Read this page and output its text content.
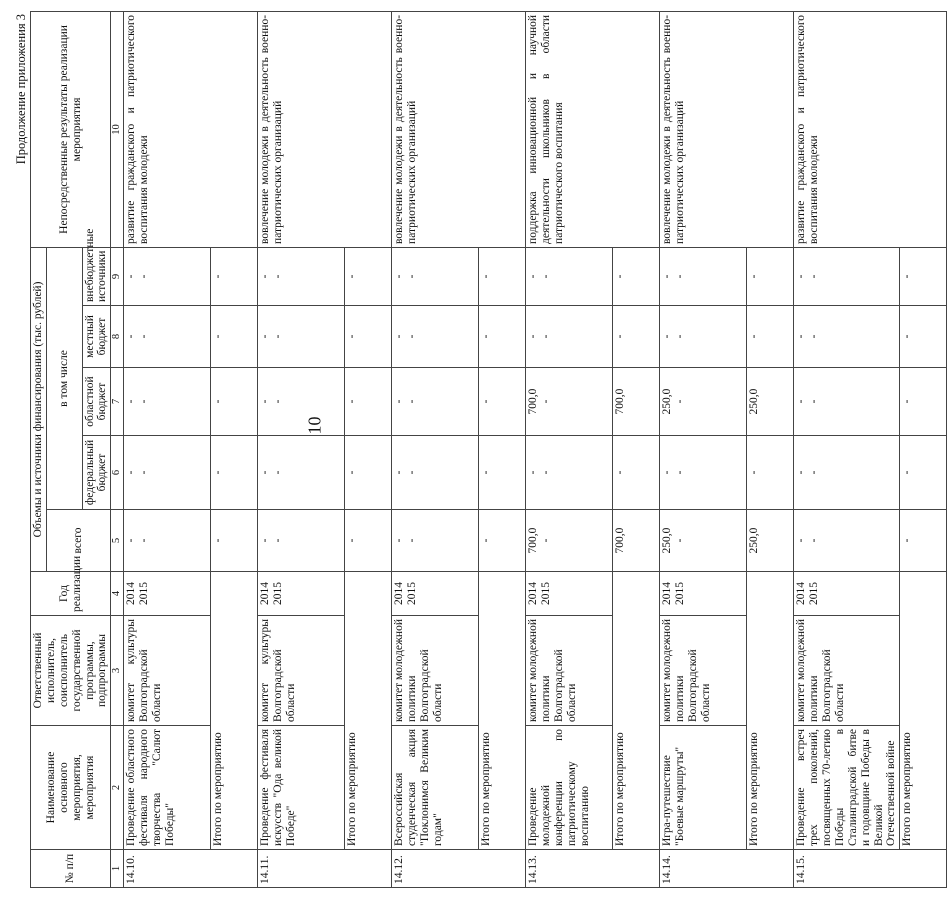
10
Продолжение приложения 3
№ п/п	Наименование основного мероприятия, мероприятия	Ответственный исполнитель, соисполнитель государственной программы, подпрограммы	Год реализации	Объемы и источники финансирования (тыс. рублей)					Непосредственные результаты реализации мероприятия
				всего	в том числе				
					федеральный бюджет	областной бюджет	местный бюджет	внебюджетные источники	
1	2	3	4	5	6	7	8	9	10
14.10.	Проведение областного фестиваля народного творчества "Салют Победы"	комитет культуры Волгоградской области	2014 2015	- -	- -	- -	- -	- -	развитие гражданского и патриотического воспитания молодежи
	Итого по мероприятию			-	-	-	-	-	
14.11.	Проведение фестиваля искусств "Ода великой Победе"	комитет культуры Волгоградской области	2014 2015	- -	- -	- -	- -	- -	вовлечение молодежи в деятельность военно-патриотических организаций
	Итого по мероприятию			-	-	-	-	-	
14.12.	Всероссийская студенческая акция "Поклонимся Великим годам"	комитет молодежной политики Волгоградской области	2014 2015	- -	- -	- -	- -	- -	вовлечение молодежи в деятельность военно-патриотических организаций
	Итого по мероприятию			-	-	-	-	-	
14.13.	Проведение молодежной конференции по патриотическому воспитанию	комитет молодежной политики Волгоградской области	2014 2015	700,0 -	- -	700,0 -	- -	- -	поддержка инновационной и научной деятельности школьников в области патриотического воспитания
	Итого по мероприятию			700,0	-	700,0	-	-	
14.14.	Игра-путешествие "Боевые маршруты"	комитет молодежной политики Волгоградской области	2014 2015	250,0 -	- -	250,0 -	- -	- -	вовлечение молодежи в деятельность военно-патриотических организаций
	Итого по мероприятию			250,0	-	250,0	-	-	
14.15.	Проведение встреч трех поколений, посвященных 70-летию Победы в Сталинградской битве и годовщине Победы в Великой Отечественной войне	комитет молодежной политики Волгоградской области	2014 2015	- -	- -	- -	- -	- -	развитие гражданского и патриотического воспитания молодежи
	Итого по мероприятию			-	-	-	-	-	
